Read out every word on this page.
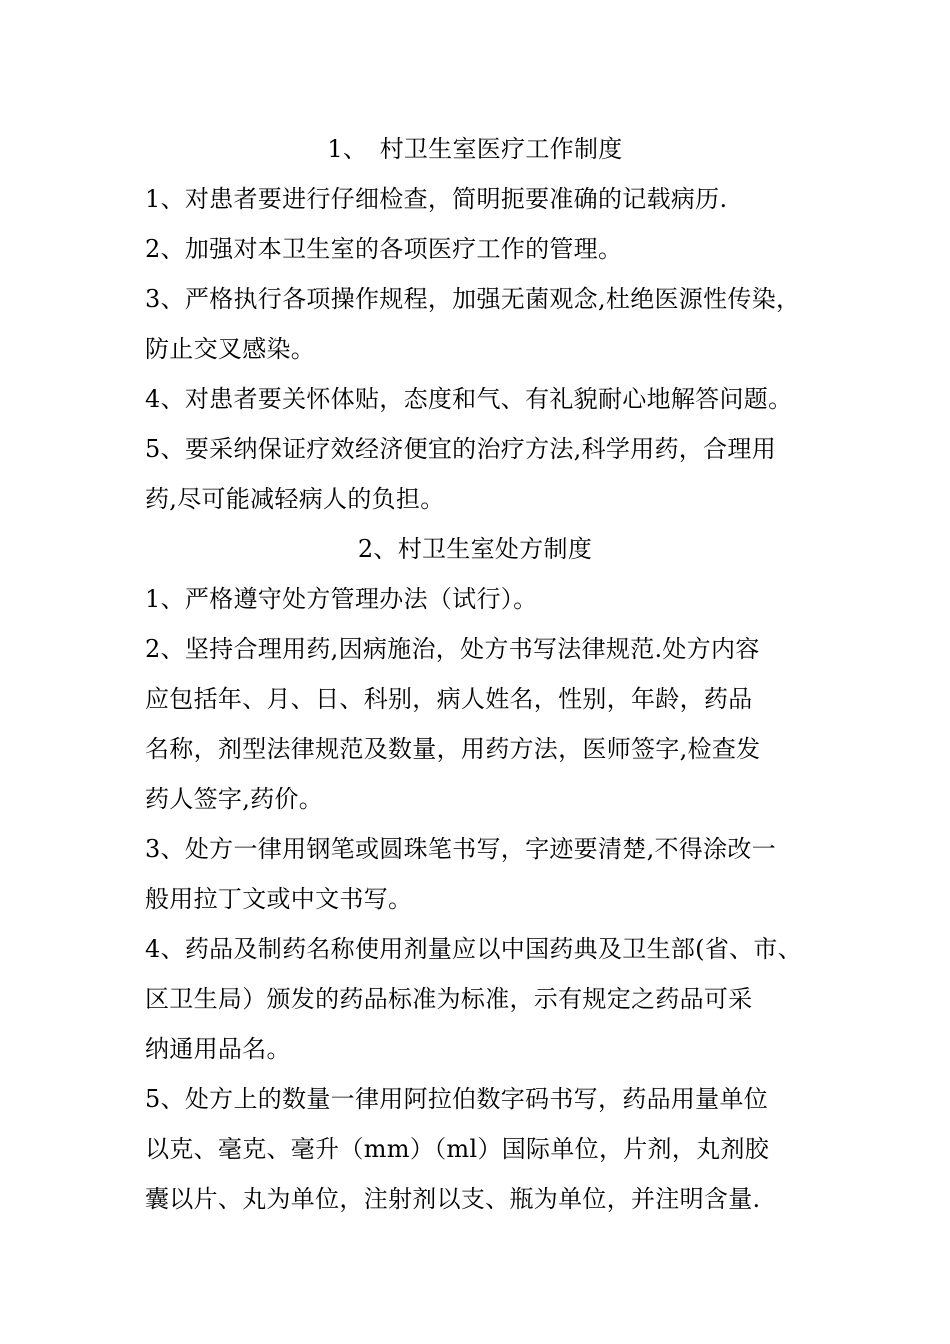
1、　村卫生室医疗工作制度
1、对患者要进行仔细检查，简明扼要准确的记载病历.
2、加强对本卫生室的各项医疗工作的管理。
3、严格执行各项操作规程，加强无菌观念,杜绝医源性传染，
防止交叉感染。
4、对患者要关怀体贴，态度和气、有礼貌耐心地解答问题。
5、要采纳保证疗效经济便宜的治疗方法,科学用药，合理用
药,尽可能减轻病人的负担。
2、村卫生室处方制度
1、严格遵守处方管理办法（试行）。
2、坚持合理用药,因病施治，处方书写法律规范.处方内容
应包括年、月、日、科别，病人姓名，性别，年龄，药品
名称，剂型法律规范及数量，用药方法，医师签字,检查发
药人签字,药价。
3、处方一律用钢笔或圆珠笔书写，字迹要清楚,不得涂改一
般用拉丁文或中文书写。
4、药品及制药名称使用剂量应以中国药典及卫生部(省、市、
区卫生局）颁发的药品标准为标准，示有规定之药品可采
纳通用品名。
5、处方上的数量一律用阿拉伯数字码书写，药品用量单位
以克、毫克、毫升（mm）（ml）国际单位，片剂，丸剂胶
囊以片、丸为单位，注射剂以支、瓶为单位，并注明含量.
